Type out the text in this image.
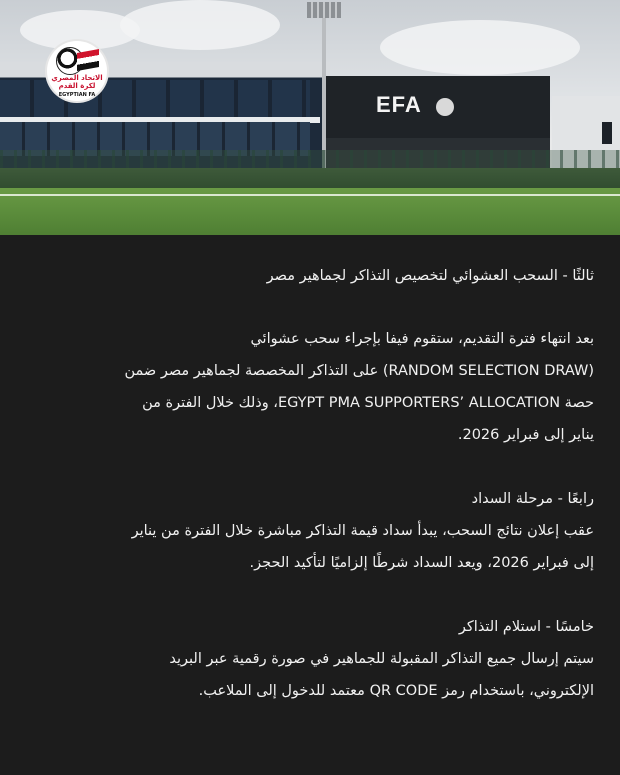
EFA
الاتحاد المصري
لكرة القدم
EGYPTIAN FA
ثالثًا - السحب العشوائي لتخصيص التذاكر لجماهير مصر
بعد انتهاء فترة التقديم، ستقوم فيفا بإجراء سحب عشوائي
(RANDOM SELECTION DRAW) على التذاكر المخصصة لجماهير مصر ضمن
حصة EGYPT PMA SUPPORTERS’ ALLOCATION، وذلك خلال الفترة من
يناير إلى فبراير 2026.
رابعًا - مرحلة السداد
عقب إعلان نتائج السحب، يبدأ سداد قيمة التذاكر مباشرة خلال الفترة من يناير
إلى فبراير 2026، ويعد السداد شرطًا إلزاميًا لتأكيد الحجز.
خامسًا - استلام التذاكر
سيتم إرسال جميع التذاكر المقبولة للجماهير في صورة رقمية عبر البريد
الإلكتروني، باستخدام رمز QR CODE معتمد للدخول إلى الملاعب.
